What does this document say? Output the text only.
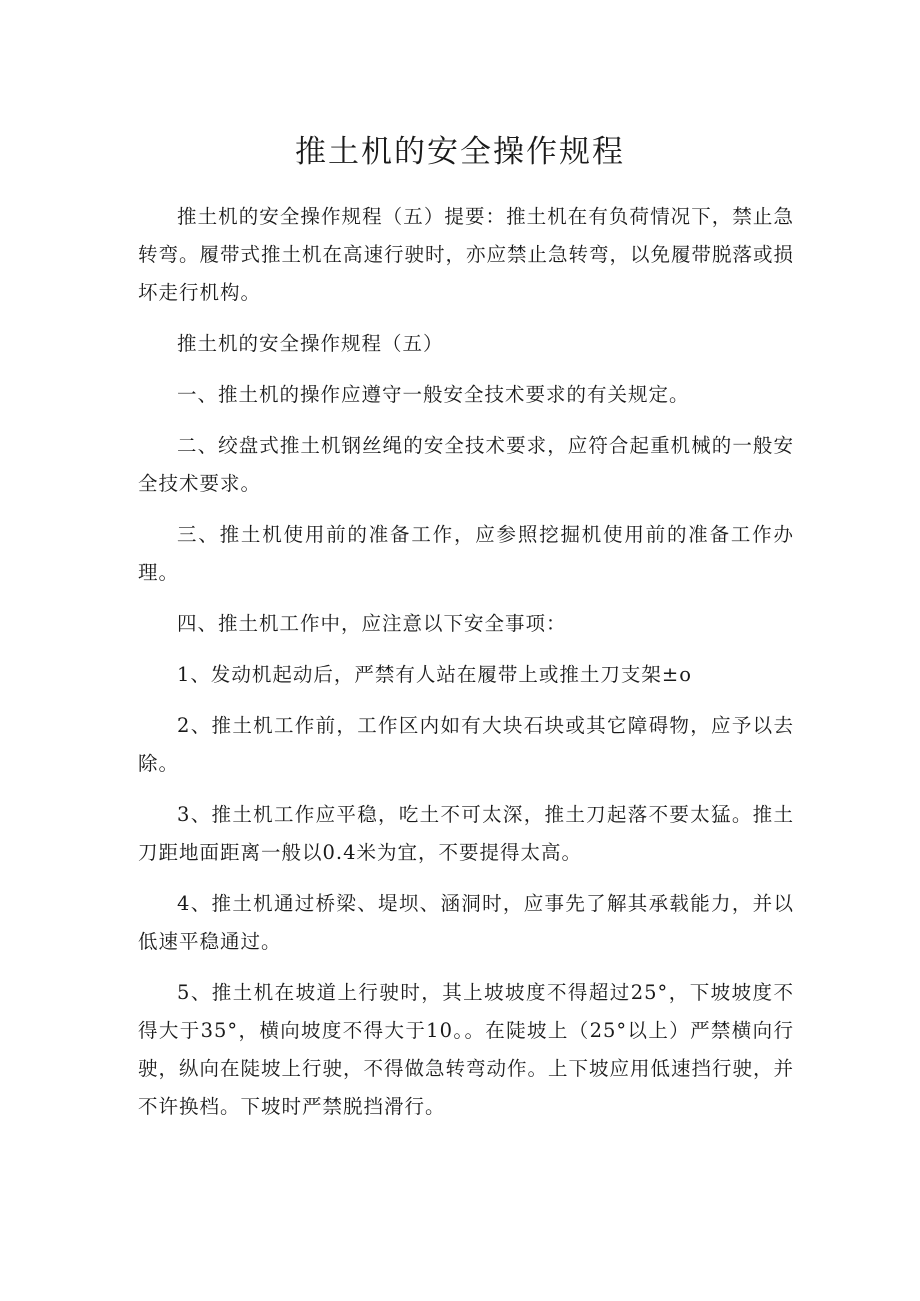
推土机的安全操作规程

推土机的安全操作规程（五）提要：推土机在有负荷情况下，禁止急转弯。履带式推土机在高速行驶时，亦应禁止急转弯，以免履带脱落或损坏走行机构。

推土机的安全操作规程（五）

一、推土机的操作应遵守一般安全技术要求的有关规定。

二、绞盘式推土机钢丝绳的安全技术要求，应符合起重机械的一般安全技术要求。

三、推土机使用前的准备工作，应参照挖掘机使用前的准备工作办理。

四、推土机工作中，应注意以下安全事项：

1、发动机起动后，严禁有人站在履带上或推土刀支架±o

2、推土机工作前，工作区内如有大块石块或其它障碍物，应予以去除。

3、推土机工作应平稳，吃土不可太深，推土刀起落不要太猛。推土刀距地面距离一般以0.4米为宜，不要提得太高。

4、推土机通过桥梁、堤坝、涵洞时，应事先了解其承载能力，并以低速平稳通过。

5、推土机在坡道上行驶时，其上坡坡度不得超过25°，下坡坡度不得大于35°，横向坡度不得大于10。。在陡坡上（25°以上）严禁横向行驶，纵向在陡坡上行驶，不得做急转弯动作。上下坡应用低速挡行驶，并不许换档。下坡时严禁脱挡滑行。
